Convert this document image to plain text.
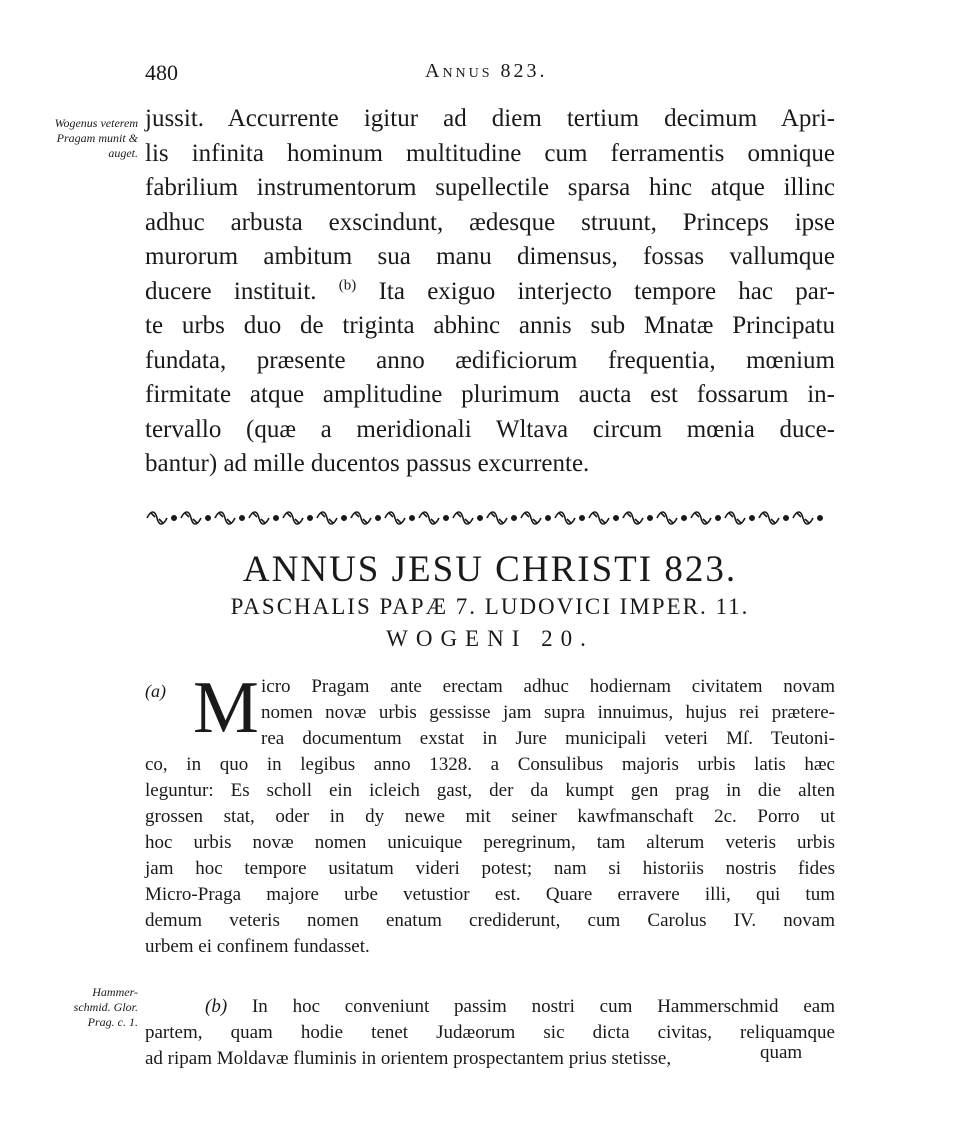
480	Annus 823.
Wogenus veterem Pragam munit & auget.
jussit. Accurrente igitur ad diem tertium decimum Apri-
lis infinita hominum multitudine cum ferramentis omnique
fabrilium instrumentorum supellectile sparsa hinc atque illinc
adhuc arbusta exscindunt, ædesque struunt, Princeps ipse
murorum ambitum sua manu dimensus, fossas vallumque
ducere instituit. $^{(b)}$ Ita exiguo interjecto tempore hac par-
te urbs duo de triginta abhinc annis sub Mnatæ Principatu
fundata, præsente anno ædificiorum frequentia, mœnium
firmitate atque amplitudine plurimum aucta est fossarum in-
tervallo (quæ a meridionali Wltava circum mœnia duce-
bantur) ad mille ducentos passus excurrente.
ANNUS JESU CHRISTI 823.
PASCHALIS PAPÆ 7. LUDOVICI IMPER. 11.
WOGENI 20.
(a) M icro Pragam ante erectam adhuc hodiernam civitatem novam
nomen novæ urbis gessisse jam supra innuimus, hujus rei prætere-
rea documentum exstat in Jure municipali veteri Mſ. Teutoni-
co, in quo in legibus anno 1328. a Consulibus majoris urbis latis hæc
leguntur: Es scholl ein icleich gast, der da kumpt gen prag in die alten
grossen stat, oder in dy newe mit seiner kawfmanschaft 2c. Porro ut
hoc urbis novæ nomen unicuique peregrinum, tam alterum veteris urbis
jam hoc tempore usitatum videri potest; nam si historiis nostris fides
Micro-Praga majore urbe vetustior est. Quare erravere illi, qui tum
demum veteris nomen enatum crediderunt, cum Carolus IV. novam
urbem ei confinem fundasset.
(b) In hoc conveniunt passim nostri cum Hammerschmid eam
partem, quam hodie tenet Judæorum sic dicta civitas, reliquamque
ad ripam Moldavæ fluminis in orientem prospectantem prius stetisse,
Hammer-
schmid. Glor.
Prag. c. 1.
quam
